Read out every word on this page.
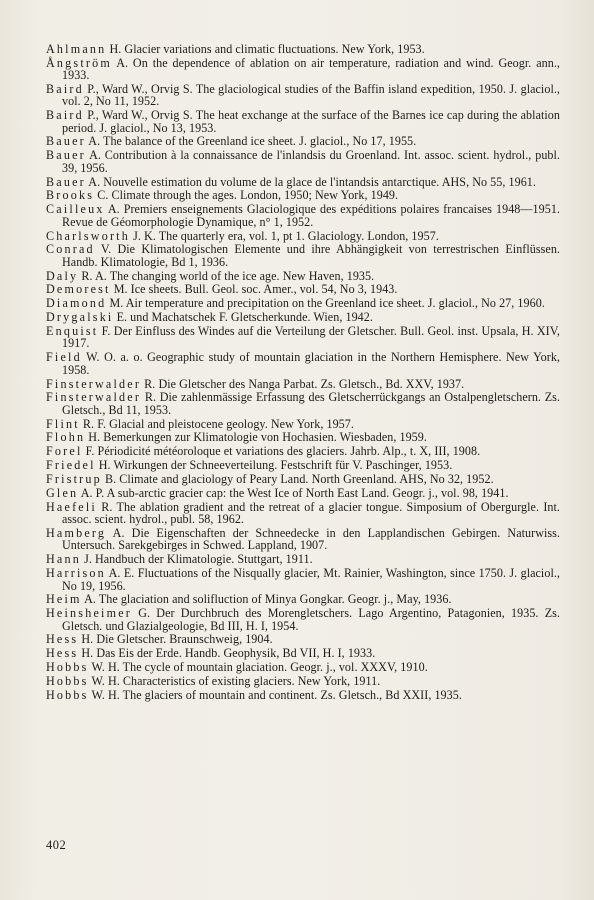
Ahlmann H. Glacier variations and climatic fluctuations. New York, 1953.
Ångström A. On the dependence of ablation on air temperature, radiation and wind. Geogr. ann., 1933.
Baird P., Ward W., Orvig S. The glaciological studies of the Baffin island expedition, 1950. J. glaciol., vol. 2, No 11, 1952.
Baird P., Ward W., Orvig S. The heat exchange at the surface of the Barnes ice cap during the ablation period. J. glaciol., No 13, 1953.
Bauer A. The balance of the Greenland ice sheet. J. glaciol., No 17, 1955.
Bauer A. Contribution à la connaissance de l'inlandsis du Groenland. Int. assoc. scient. hydrol., publ. 39, 1956.
Bauer A. Nouvelle estimation du volume de la glace de l'intandsis antarctique. AHS, No 55, 1961.
Brooks C. Climate through the ages. London, 1950; New York, 1949.
Cailleux A. Premiers enseignements Glaciologique des expéditions polaires francaises 1948—1951. Revue de Géomorphologie Dynamique, n° 1, 1952.
Charlsworth J. K. The quarterly era, vol. 1, pt 1. Glaciology. London, 1957.
Conrad V. Die Klimatologischen Elemente und ihre Abhängigkeit von terrestrischen Einflüssen. Handb. Klimatologie, Bd 1, 1936.
Daly R. A. The changing world of the ice age. New Haven, 1935.
Demorest M. Ice sheets. Bull. Geol. soc. Amer., vol. 54, No 3, 1943.
Diamond M. Air temperature and precipitation on the Greenland ice sheet. J. glaciol., No 27, 1960.
Drygalski E. und Machatschek F. Gletscherkunde. Wien, 1942.
Enquist F. Der Einfluss des Windes auf die Verteilung der Gletscher. Bull. Geol. inst. Upsala, H. XIV, 1917.
Field W. O. a. o. Geographic study of mountain glaciation in the Northern Hemisphere. New York, 1958.
Finsterwalder R. Die Gletscher des Nanga Parbat. Zs. Gletsch., Bd. XXV, 1937.
Finsterwalder R. Die zahlenmässige Erfassung des Gletscherrückgangs an Ostalpengletschern. Zs. Gletsch., Bd 11, 1953.
Flint R. F. Glacial and pleistocene geology. New York, 1957.
Flohn H. Bemerkungen zur Klimatologie von Hochasien. Wiesbaden, 1959.
Forel F. Périodicité météoroloque et variations des glaciers. Jahrb. Alp., t. X, III, 1908.
Friedel H. Wirkungen der Schneeverteilung. Festschrift für V. Paschinger, 1953.
Fristrup B. Climate and glaciology of Peary Land. North Greenland. AHS, No 32, 1952.
Glen A. P. A sub-arctic gracier cap: the West Ice of North East Land. Geogr. j., vol. 98, 1941.
Haefeli R. The ablation gradient and the retreat of a glacier tongue. Simposium of Obergurgle. Int. assoc. scient. hydrol., publ. 58, 1962.
Hamberg A. Die Eigenschaften der Schneedecke in den Lapplandischen Gebirgen. Naturwiss. Untersuch. Sarekgebirges in Schwed. Lappland, 1907.
Hann J. Handbuch der Klimatologie. Stuttgart, 1911.
Harrison A. E. Fluctuations of the Nisqually glacier, Mt. Rainier, Washington, since 1750. J. glaciol., No 19, 1956.
Heim A. The glaciation and solifluction of Minya Gongkar. Geogr. j., May, 1936.
Heinsheimer G. Der Durchbruch des Morengletschers. Lago Argentino, Patagonien, 1935. Zs. Gletsch. und Glazialgeologie, Bd III, H. I, 1954.
Hess H. Die Gletscher. Braunschweig, 1904.
Hess H. Das Eis der Erde. Handb. Geophysik, Bd VII, H. I, 1933.
Hobbs W. H. The cycle of mountain glaciation. Geogr. j., vol. XXXV, 1910.
Hobbs W. H. Characteristics of existing glaciers. New York, 1911.
Hobbs W. H. The glaciers of mountain and continent. Zs. Gletsch., Bd XXII, 1935.
402
